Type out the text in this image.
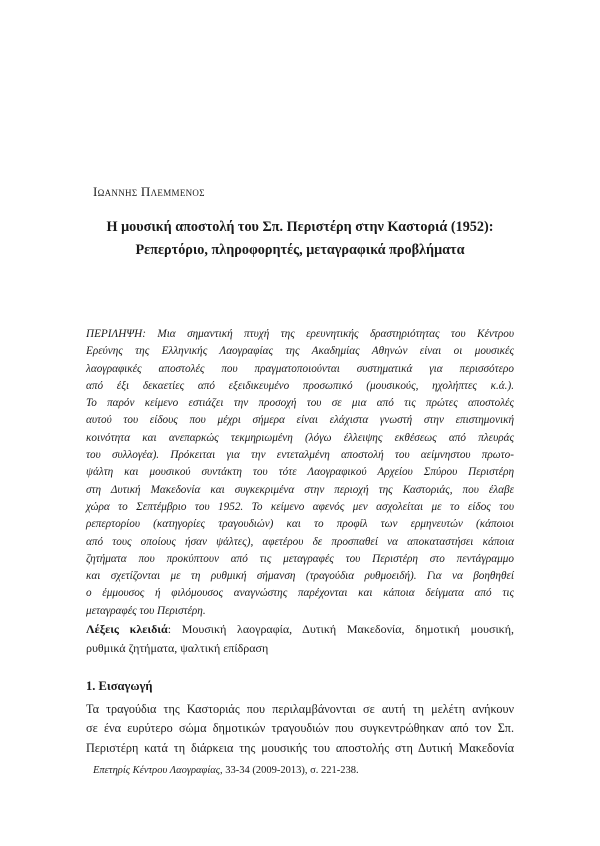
Ιωαννης Πλεμμενος
Η μουσική αποστολή του Σπ. Περιστέρη στην Καστοριά (1952):
Ρεπερτόριο, πληροφορητές, μεταγραφικά προβλήματα
ΠΕΡΙΛΗΨΗ: Μια σημαντική πτυχή της ερευνητικής δραστηριότητας του Κέντρου
Ερεύνης της Ελληνικής Λαογραφίας της Ακαδημίας Αθηνών είναι οι μουσικές
λαογραφικές αποστολές που πραγματοποιούνται συστηματικά για περισσότερο
από έξι δεκαετίες από εξειδικευμένο προσωπικό (μουσικούς, ηχολήπτες κ.ά.).
Το παρόν κείμενο εστιάζει την προσοχή του σε μια από τις πρώτες αποστολές
αυτού του είδους που μέχρι σήμερα είναι ελάχιστα γνωστή στην επιστημονική
κοινότητα και ανεπαρκώς τεκμηριωμένη (λόγω έλλειψης εκθέσεως από πλευράς
του συλλογέα). Πρόκειται για την εντεταλμένη αποστολή του αείμνηστου πρωτο-
ψάλτη και μουσικού συντάκτη του τότε Λαογραφικού Αρχείου Σπύρου Περιστέρη
στη Δυτική Μακεδονία και συγκεκριμένα στην περιοχή της Καστοριάς, που έλαβε
χώρα το Σεπτέμβριο του 1952. Το κείμενο αφενός μεν ασχολείται με το είδος του
ρεπερτορίου (κατηγορίες τραγουδιών) και το προφίλ των ερμηνευτών (κάποιοι
από τους οποίους ήσαν ψάλτες), αφετέρου δε προσπαθεί να αποκαταστήσει κάποια
ζητήματα που προκύπτουν από τις μεταγραφές του Περιστέρη στο πεντάγραμμο
και σχετίζονται με τη ρυθμική σήμανση (τραγούδια ρυθμοειδή). Για να βοηθηθεί
ο έμμουσος ή φιλόμουσος αναγνώστης παρέχονται και κάποια δείγματα από τις
μεταγραφές του Περιστέρη.
Λέξεις κλειδιά: Μουσική λαογραφία, Δυτική Μακεδονία, δημοτική μουσική,
ρυθμικά ζητήματα, ψαλτική επίδραση
1. Εισαγωγή
Τα τραγούδια της Καστοριάς που περιλαμβάνονται σε αυτή τη μελέτη ανήκουν
σε ένα ευρύτερο σώμα δημοτικών τραγουδιών που συγκεντρώθηκαν από τον Σπ.
Περιστέρη κατά τη διάρκεια της μουσικής του αποστολής στη Δυτική Μακεδονία
Επετηρίς Κέντρου Λαογραφίας, 33-34 (2009-2013), σ. 221-238.
